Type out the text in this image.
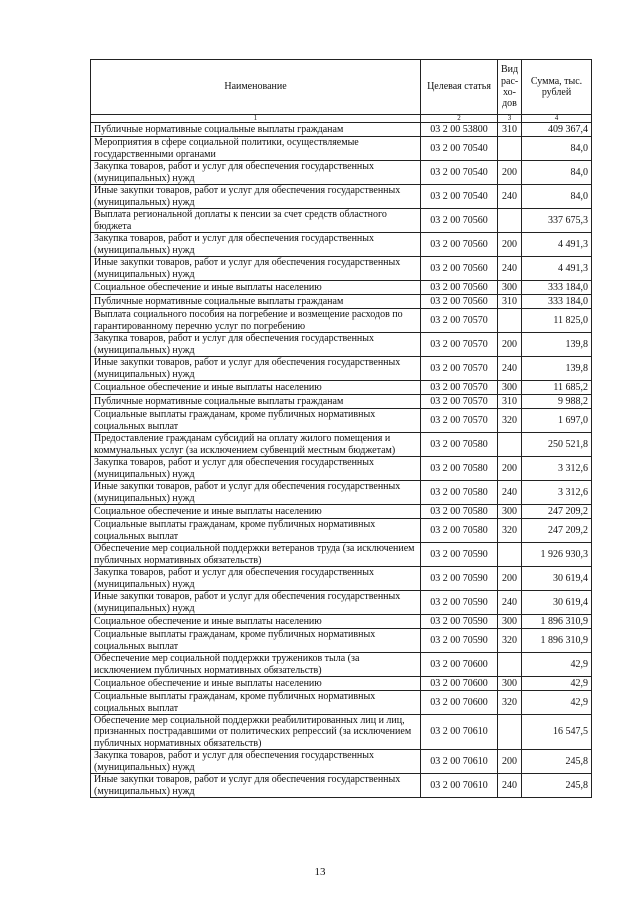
Наименование	Целевая статья	Вид рас-хо-дов	Сумма, тыс. рублей
1	2	3	4
Публичные нормативные социальные выплаты гражданам	03 2 00 53800	310	409 367,4
Мероприятия в сфере социальной политики, осуществляемые государственными органами	03 2 00 70540		84,0
Закупка товаров, работ и услуг для обеспечения государственных (муниципальных) нужд	03 2 00 70540	200	84,0
Иные закупки товаров, работ и услуг для обеспечения государственных (муниципальных) нужд	03 2 00 70540	240	84,0
Выплата региональной доплаты к пенсии за счет средств областного бюджета	03 2 00 70560		337 675,3
Закупка товаров, работ и услуг для обеспечения государственных (муниципальных) нужд	03 2 00 70560	200	4 491,3
Иные закупки товаров, работ и услуг для обеспечения государственных (муниципальных) нужд	03 2 00 70560	240	4 491,3
Социальное обеспечение и иные выплаты населению	03 2 00 70560	300	333 184,0
Публичные нормативные социальные выплаты гражданам	03 2 00 70560	310	333 184,0
Выплата социального пособия на погребение и возмещение расходов по гарантированному перечню услуг по погребению	03 2 00 70570		11 825,0
Закупка товаров, работ и услуг для обеспечения государственных (муниципальных) нужд	03 2 00 70570	200	139,8
Иные закупки товаров, работ и услуг для обеспечения государственных (муниципальных) нужд	03 2 00 70570	240	139,8
Социальное обеспечение и иные выплаты населению	03 2 00 70570	300	11 685,2
Публичные нормативные социальные выплаты гражданам	03 2 00 70570	310	9 988,2
Социальные выплаты гражданам, кроме публичных нормативных социальных выплат	03 2 00 70570	320	1 697,0
Предоставление гражданам субсидий на оплату жилого помещения и коммунальных услуг (за исключением субвенций местным бюджетам)	03 2 00 70580		250 521,8
Закупка товаров, работ и услуг для обеспечения государственных (муниципальных) нужд	03 2 00 70580	200	3 312,6
Иные закупки товаров, работ и услуг для обеспечения государственных (муниципальных) нужд	03 2 00 70580	240	3 312,6
Социальное обеспечение и иные выплаты населению	03 2 00 70580	300	247 209,2
Социальные выплаты гражданам, кроме публичных нормативных социальных выплат	03 2 00 70580	320	247 209,2
Обеспечение мер социальной поддержки ветеранов труда (за исключением публичных нормативных обязательств)	03 2 00 70590		1 926 930,3
Закупка товаров, работ и услуг для обеспечения государственных (муниципальных) нужд	03 2 00 70590	200	30 619,4
Иные закупки товаров, работ и услуг для обеспечения государственных (муниципальных) нужд	03 2 00 70590	240	30 619,4
Социальное обеспечение и иные выплаты населению	03 2 00 70590	300	1 896 310,9
Социальные выплаты гражданам, кроме публичных нормативных социальных выплат	03 2 00 70590	320	1 896 310,9
Обеспечение мер социальной поддержки тружеников тыла (за исключением публичных нормативных обязательств)	03 2 00 70600		42,9
Социальное обеспечение и иные выплаты населению	03 2 00 70600	300	42,9
Социальные выплаты гражданам, кроме публичных нормативных социальных выплат	03 2 00 70600	320	42,9
Обеспечение мер социальной поддержки реабилитированных лиц и лиц, признанных пострадавшими от политических репрессий (за исключением публичных нормативных обязательств)	03 2 00 70610		16 547,5
Закупка товаров, работ и услуг для обеспечения государственных (муниципальных) нужд	03 2 00 70610	200	245,8
Иные закупки товаров, работ и услуг для обеспечения государственных (муниципальных) нужд	03 2 00 70610	240	245,8
13
